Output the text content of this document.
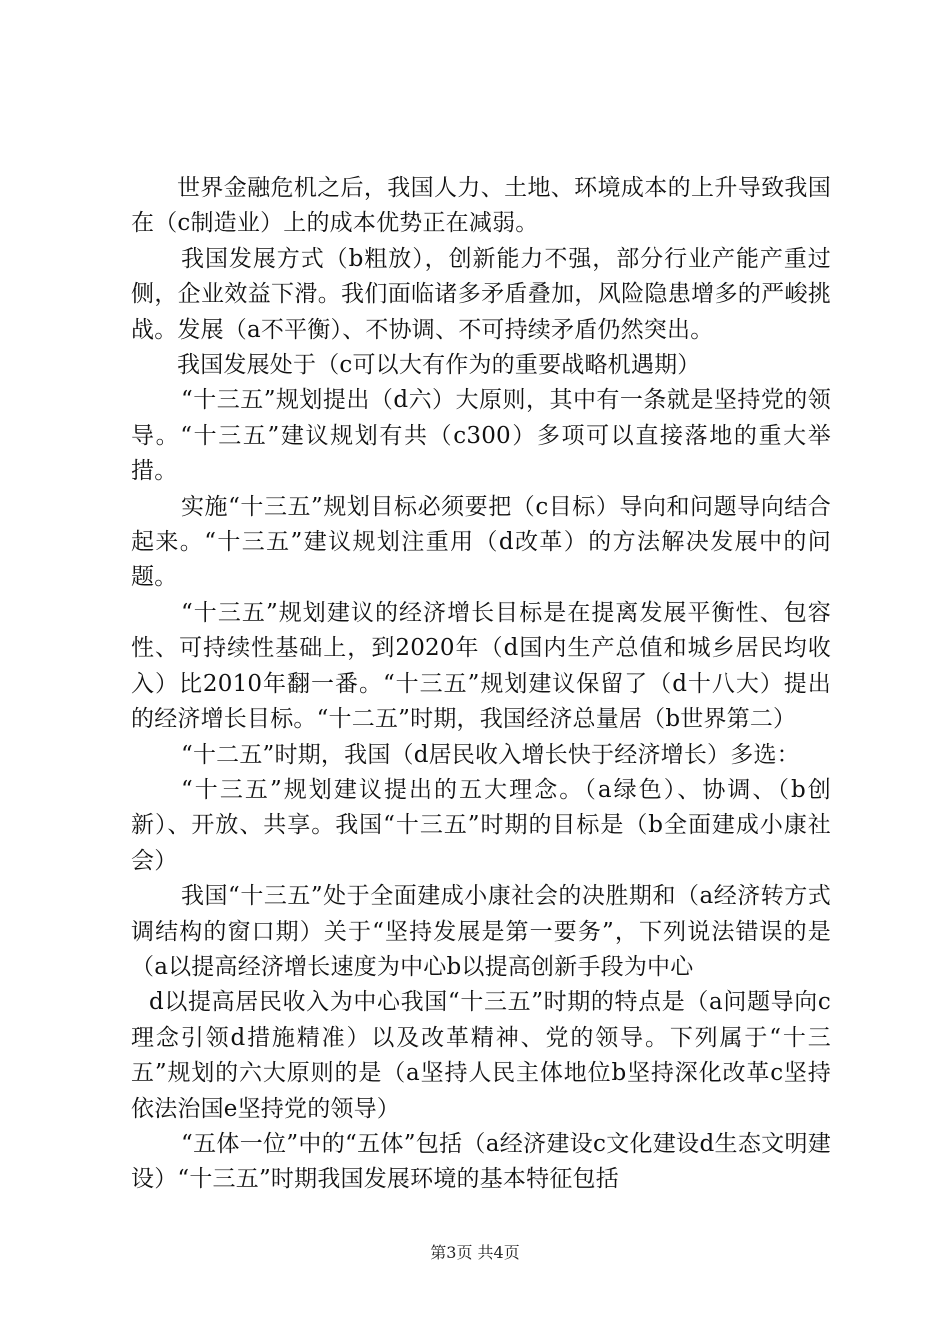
世界金融危机之后，我国人力、土地、环境成本的上升导致我国在（c制造业）上的成本优势正在减弱。

我国发展方式（b粗放），创新能力不强，部分行业产能产重过侧，企业效益下滑。我们面临诸多矛盾叠加，风险隐患增多的严峻挑战。发展（a不平衡）、不协调、不可持续矛盾仍然突出。

我国发展处于（c可以大有作为的重要战略机遇期）

“十三五”规划提出（d六）大原则，其中有一条就是坚持党的领导。“十三五”建议规划有共（c300）多项可以直接落地的重大举措。

实施“十三五”规划目标必须要把（c目标）导向和问题导向结合起来。“十三五”建议规划注重用（d改革）的方法解决发展中的问题。

“十三五”规划建议的经济增长目标是在提离发展平衡性、包容性、可持续性基础上，到2020年（d国内生产总值和城乡居民均收入）比2010年翻一番。“十三五”规划建议保留了（d十八大）提出的经济增长目标。“十二五”时期，我国经济总量居（b世界第二）

“十二五”时期，我国（d居民收入增长快于经济增长）多选：

“十三五”规划建议提出的五大理念。（a绿色）、协调、（b创新）、开放、共享。我国“十三五”时期的目标是（b全面建成小康社会）

我国“十三五”处于全面建成小康社会的决胜期和（a经济转方式调结构的窗口期）关于“坚持发展是第一要务”，下列说法错误的是（a以提高经济增长速度为中心b以提高创新手段为中心

d以提高居民收入为中心我国“十三五”时期的特点是（a问题导向c理念引领d措施精准）以及改革精神、党的领导。下列属于“十三五”规划的六大原则的是（a坚持人民主体地位b坚持深化改革c坚持依法治国e坚持党的领导）

“五体一位”中的“五体”包括（a经济建设c文化建设d生态文明建设）“十三五”时期我国发展环境的基本特征包括

第3页 共4页
